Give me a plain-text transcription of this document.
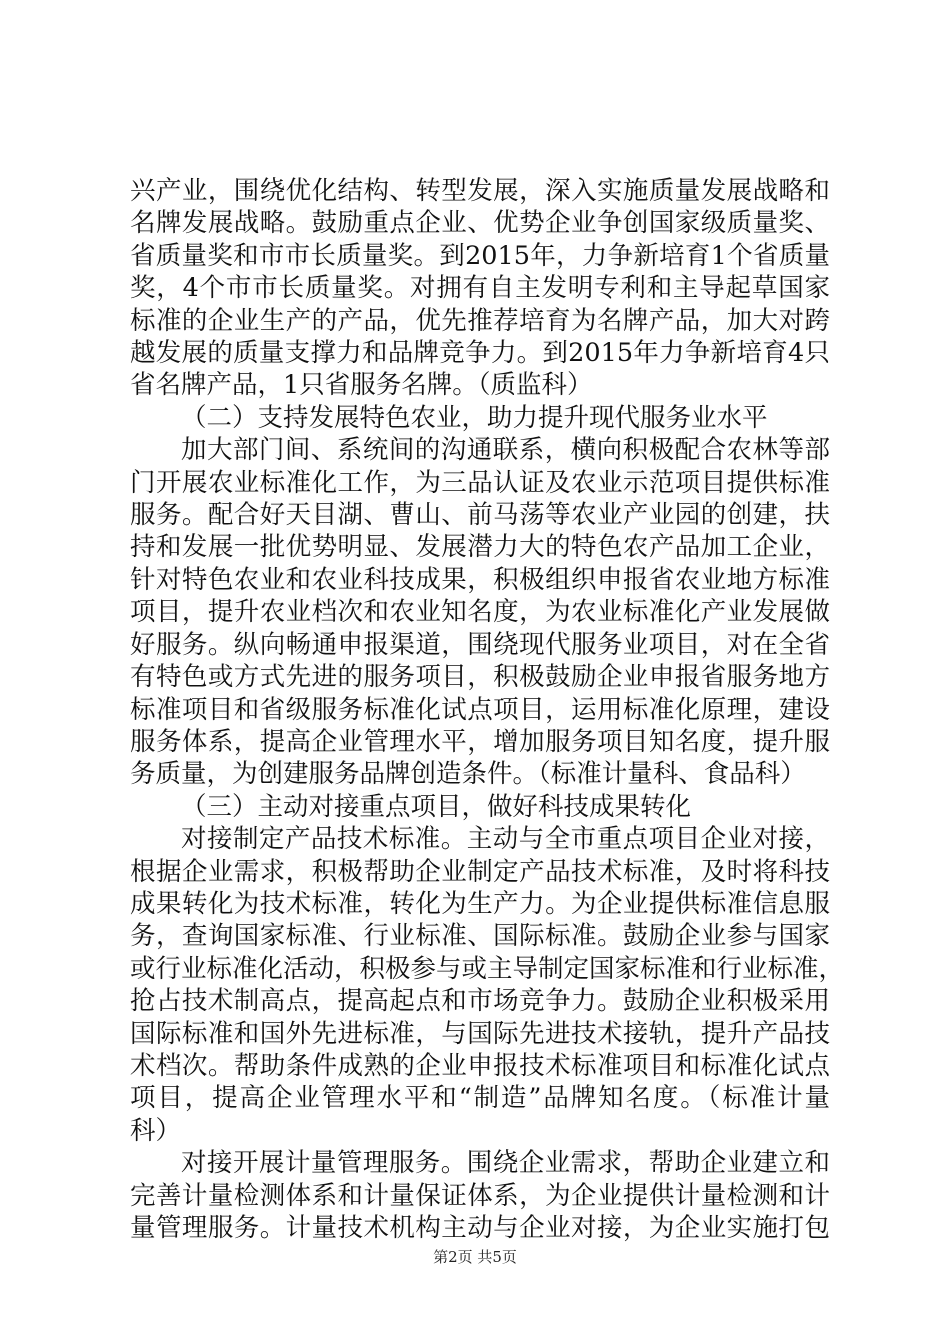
兴产业，围绕优化结构、转型发展，深入实施质量发展战略和
名牌发展战略。鼓励重点企业、优势企业争创国家级质量奖、
省质量奖和市市长质量奖。到2015年，力争新培育1个省质量
奖，4个市市长质量奖。对拥有自主发明专利和主导起草国家
标准的企业生产的产品，优先推荐培育为名牌产品，加大对跨
越发展的质量支撑力和品牌竞争力。到2015年力争新培育4只
省名牌产品，1只省服务名牌。（质监科）
（二）支持发展特色农业，助力提升现代服务业水平
加大部门间、系统间的沟通联系，横向积极配合农林等部
门开展农业标准化工作，为三品认证及农业示范项目提供标准
服务。配合好天目湖、曹山、前马荡等农业产业园的创建，扶
持和发展一批优势明显、发展潜力大的特色农产品加工企业，
针对特色农业和农业科技成果，积极组织申报省农业地方标准
项目，提升农业档次和农业知名度，为农业标准化产业发展做
好服务。纵向畅通申报渠道，围绕现代服务业项目，对在全省
有特色或方式先进的服务项目，积极鼓励企业申报省服务地方
标准项目和省级服务标准化试点项目，运用标准化原理，建设
服务体系，提高企业管理水平，增加服务项目知名度，提升服
务质量，为创建服务品牌创造条件。（标准计量科、食品科）
（三）主动对接重点项目，做好科技成果转化
对接制定产品技术标准。主动与全市重点项目企业对接，
根据企业需求，积极帮助企业制定产品技术标准，及时将科技
成果转化为技术标准，转化为生产力。为企业提供标准信息服
务，查询国家标准、行业标准、国际标准。鼓励企业参与国家
或行业标准化活动，积极参与或主导制定国家标准和行业标准，
抢占技术制高点，提高起点和市场竞争力。鼓励企业积极采用
国际标准和国外先进标准，与国际先进技术接轨，提升产品技
术档次。帮助条件成熟的企业申报技术标准项目和标准化试点
项目，提高企业管理水平和“制造”品牌知名度。（标准计量
科）
对接开展计量管理服务。围绕企业需求，帮助企业建立和
完善计量检测体系和计量保证体系，为企业提供计量检测和计
量管理服务。计量技术机构主动与企业对接，为企业实施打包
第2页 共5页
